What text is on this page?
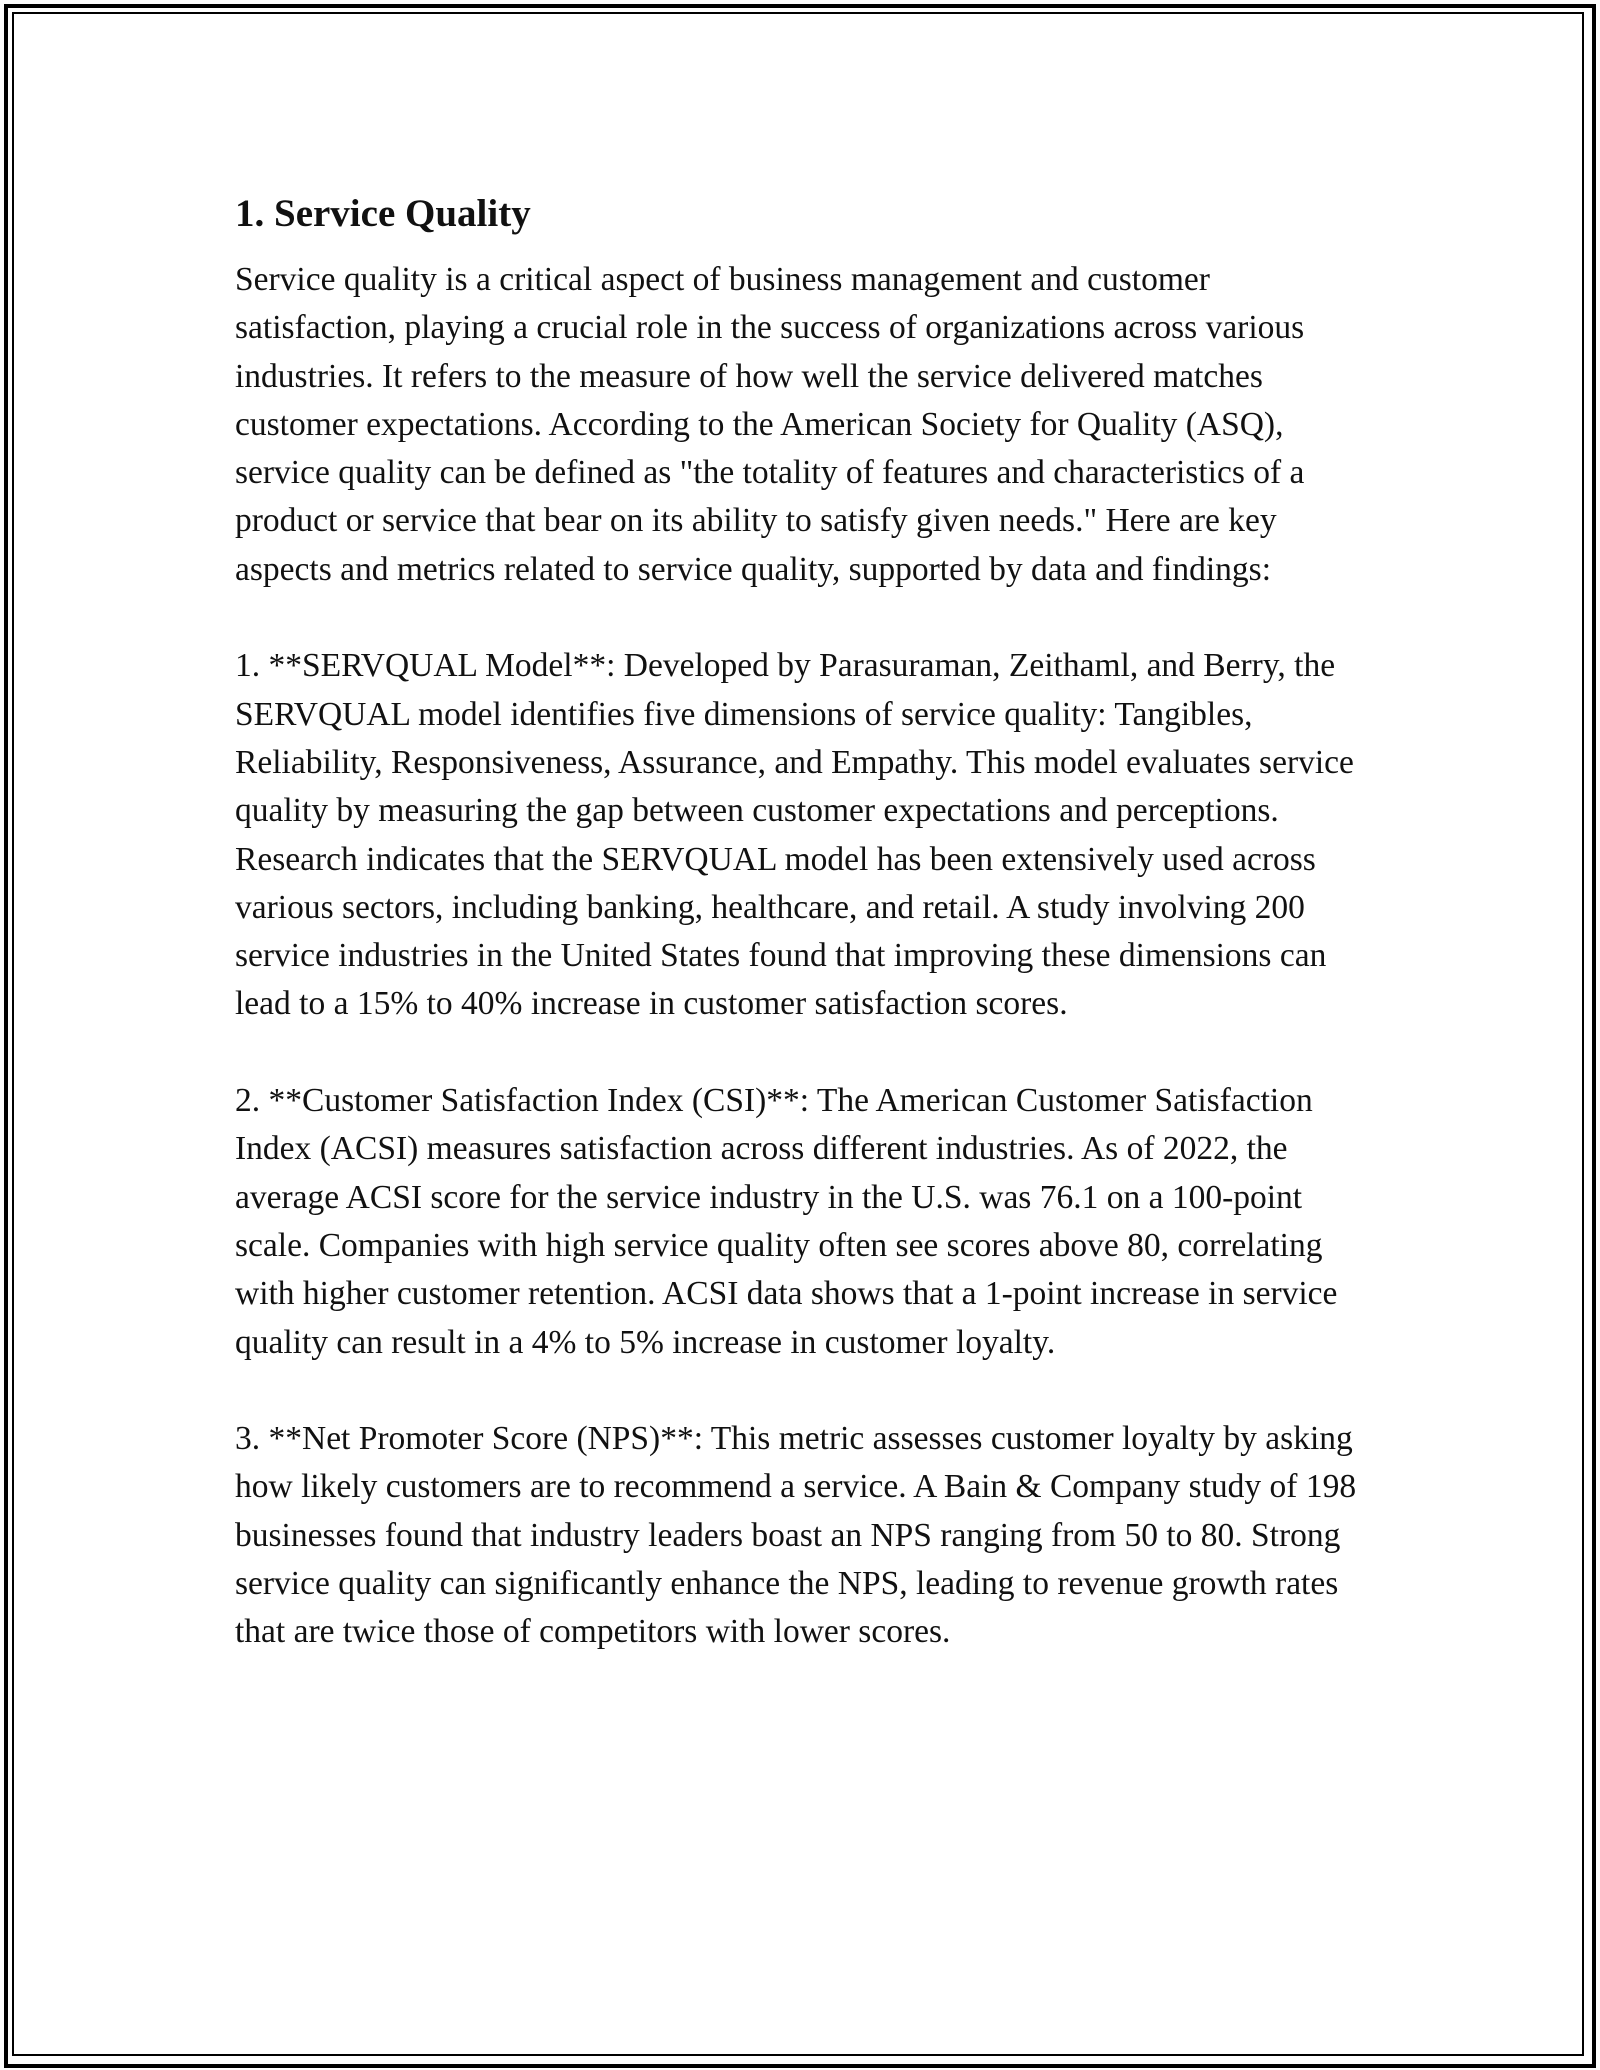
1. Service Quality

Service quality is a critical aspect of business management and customer satisfaction, playing a crucial role in the success of organizations across various industries. It refers to the measure of how well the service delivered matches customer expectations. According to the American Society for Quality (ASQ), service quality can be defined as "the totality of features and characteristics of a product or service that bear on its ability to satisfy given needs." Here are key aspects and metrics related to service quality, supported by data and findings:

1. **SERVQUAL Model**: Developed by Parasuraman, Zeithaml, and Berry, the SERVQUAL model identifies five dimensions of service quality: Tangibles, Reliability, Responsiveness, Assurance, and Empathy. This model evaluates service quality by measuring the gap between customer expectations and perceptions. Research indicates that the SERVQUAL model has been extensively used across various sectors, including banking, healthcare, and retail. A study involving 200 service industries in the United States found that improving these dimensions can lead to a 15% to 40% increase in customer satisfaction scores.

2. **Customer Satisfaction Index (CSI)**: The American Customer Satisfaction Index (ACSI) measures satisfaction across different industries. As of 2022, the average ACSI score for the service industry in the U.S. was 76.1 on a 100-point scale. Companies with high service quality often see scores above 80, correlating with higher customer retention. ACSI data shows that a 1-point increase in service quality can result in a 4% to 5% increase in customer loyalty.

3. **Net Promoter Score (NPS)**: This metric assesses customer loyalty by asking how likely customers are to recommend a service. A Bain & Company study of 198 businesses found that industry leaders boast an NPS ranging from 50 to 80. Strong service quality can significantly enhance the NPS, leading to revenue growth rates that are twice those of competitors with lower scores.
